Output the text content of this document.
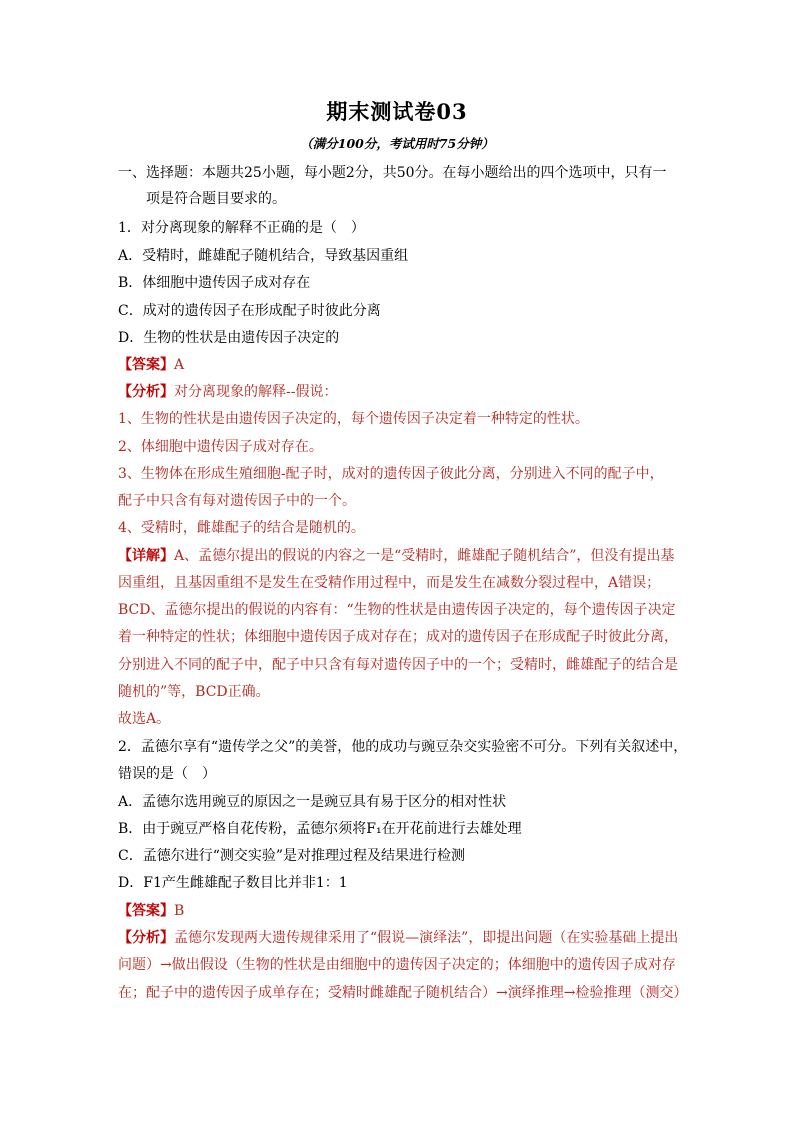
期末测试卷03
（满分100分，考试用时75分钟）
一、选择题：本题共25小题，每小题2分，共50分。在每小题给出的四个选项中，只有一
项是符合题目要求的。
1．对分离现象的解释不正确的是（　）
A．受精时，雌雄配子随机结合，导致基因重组
B．体细胞中遗传因子成对存在
C．成对的遗传因子在形成配子时彼此分离
D．生物的性状是由遗传因子决定的
【答案】A
【分析】对分离现象的解释--假说：
1、生物的性状是由遗传因子决定的，每个遗传因子决定着一种特定的性状。
2、体细胞中遗传因子成对存在。
3、生物体在形成生殖细胞-配子时，成对的遗传因子彼此分离，分别进入不同的配子中，
配子中只含有每对遗传因子中的一个。
4、受精时，雌雄配子的结合是随机的。
【详解】A、孟德尔提出的假说的内容之一是“受精时，雌雄配子随机结合”，但没有提出基
因重组，且基因重组不是发生在受精作用过程中，而是发生在减数分裂过程中，A错误；
BCD、孟德尔提出的假说的内容有：“生物的性状是由遗传因子决定的，每个遗传因子决定
着一种特定的性状；体细胞中遗传因子成对存在；成对的遗传因子在形成配子时彼此分离，
分别进入不同的配子中，配子中只含有每对遗传因子中的一个；受精时，雌雄配子的结合是
随机的”等，BCD正确。
故选A。
2．孟德尔享有“遗传学之父”的美誉，他的成功与豌豆杂交实验密不可分。下列有关叙述中，
错误的是（　）
A．孟德尔选用豌豆的原因之一是豌豆具有易于区分的相对性状
B．由于豌豆严格自花传粉，孟德尔须将F₁在开花前进行去雄处理
C．孟德尔进行“测交实验”是对推理过程及结果进行检测
D．F1产生雌雄配子数目比并非1：1
【答案】B
【分析】孟德尔发现两大遗传规律采用了“假说—演绎法”，即提出问题（在实验基础上提出
问题）→做出假设（生物的性状是由细胞中的遗传因子决定的；体细胞中的遗传因子成对存
在；配子中的遗传因子成单存在；受精时雌雄配子随机结合）→演绎推理→检验推理（测交）
